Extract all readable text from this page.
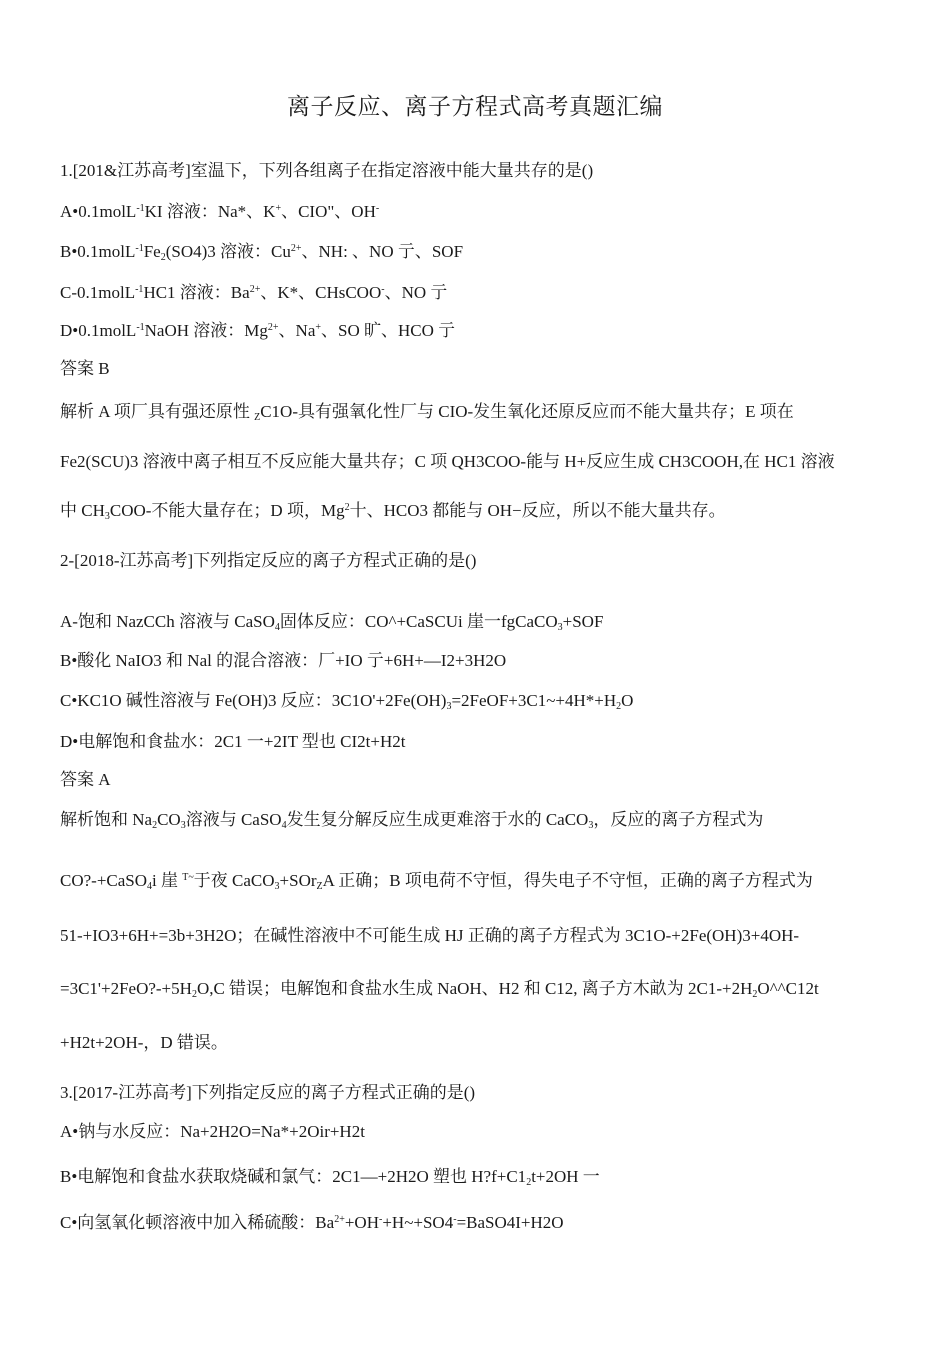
离子反应、离子方程式高考真题汇编
1.[201&江苏高考]室温下，下列各组离子在指定溶液中能大量共存的是()
A•0.1molL$^{-1}$KI 溶液：Na*、K+、CIO"、OH-
$B•0.1molL^{-1}Fe_2(SO4)3$ 溶液：$Cu^{2+}$、NH: 、NO 亍、SOF
C-0.1molL$^{-1}$HC1 溶液：$Ba^{2+}$、K*、CHsCOO-、NO 亍
D•0.1molL$^{-1}$NaOH 溶液：$Mg^{2+}$、Na+、SO 旷、HCO 亍
答案 B
解析 A 项厂具有强还原性 $_Z$C1O-具有强氧化性厂与 CIO-发生氧化还原反应而不能大量共存；E 项在
Fe2(SCU)3 溶液中离子相互不反应能大量共存；C 项 QH3COO-能与 H+反应生成 CH3COOH,在 HC1 溶液
中 $CH_3COO-$不能大量存在；D 项，Mg$^2$十、HCO3 都能与 OH−反应，所以不能大量共存。
2-[2018-江苏高考]下列指定反应的离子方程式正确的是()
A-饱和 NazCCh 溶液与 CaSO$_4$固体反应：CO^+CaSCUi 崖一fgCaCO$_3$+SOF
B•酸化 NaIO3 和 Nal 的混合溶液：厂+IO 亍+6H+—I2+3H2O
C•KC1O 碱性溶液与 Fe(OH)3 反应：$3C1O'+2Fe(OH)_3=2FeOF+3C1\sim+4H*+H_2O$
D•电解饱和食盐水：2C1 一+2IT 型也 CI2t+H2t
答案 A
解析饱和 $Na_2CO_3$溶液与 CaSO$_4$发生复分解反应生成更难溶于水的 CaCO$_3$，反应的离子方程式为
CO?-+CaSO$_4$i 崖 $^{T\sim}$于夜 CaCO$_3$+SOr$_Z$A 正确；B 项电荷不守恒，得失电子不守恒，正确的离子方程式为
51-+IO3+6H+=3b+3H2O；在碱性溶液中不可能生成 HJ 正确的离子方程式为 3C1O-+2Fe(OH)3+4OH-
$=3C1'+2FeO?-+5H_2O,C$ 错误；电解饱和食盐水生成 NaOH、H2 和 C12, 离子方木畝为 $2C1-+2H_2O\^{}\^{}C12t$
+H2t+2OH-，D 错误。
3.[2017-江苏高考]下列指定反应的离子方程式正确的是()
A•钠与水反应：Na+2H2O=Na*+2Oir+H2t
B•电解饱和食盐水获取烧碱和氯气：2C1—+2H2O 塑也 $H?f+C1_2t+2OH$ 一
C•向氢氧化顿溶液中加入稀硫酸：$Ba^{2+}+OH^-+H\sim+SO4^-=BaSO4I+H2O$
